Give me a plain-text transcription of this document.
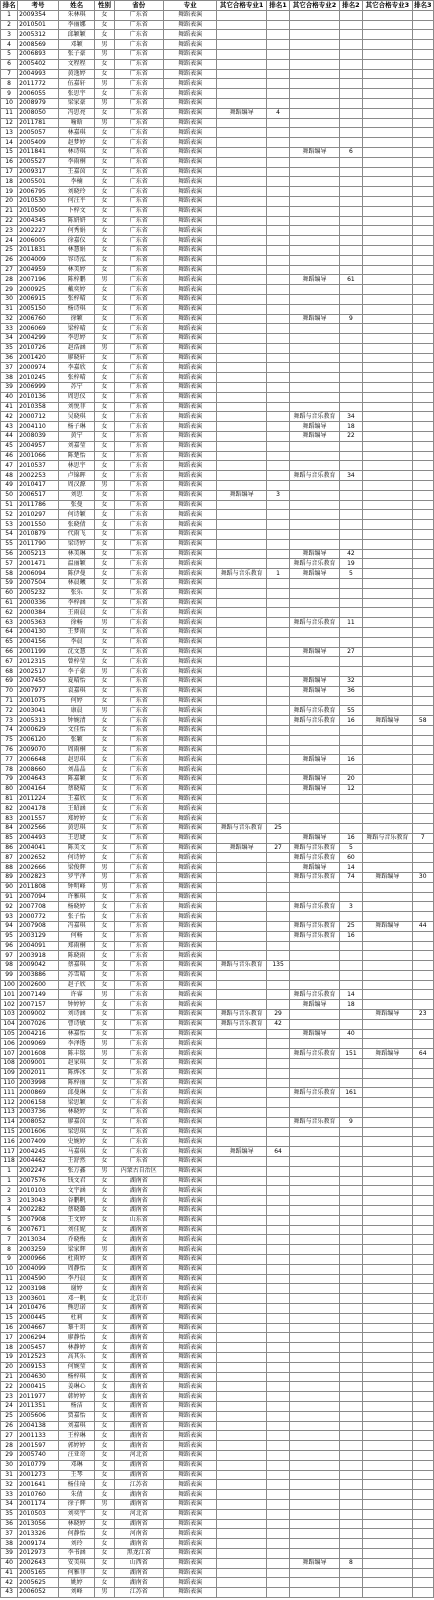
排名	考号	姓名	性别	省份	专业	其它合格专业1	排名1	其它合格专业2	排名2	其它合格专业3	排名3
1	2009354	朱林琪	女	广东省	舞蹈表演						
2	2010501	李丽娜	女	广东省	舞蹈表演						
3	2005312	邱颖颖	女	广东省	舞蹈表演						
4	2008569	邓颖	男	广东省	舞蹈表演						
5	2006893	张子豪	男	广东省	舞蹈表演						
6	2005402	文程程	女	广东省	舞蹈表演						
7	2004993	黄逸婷	女	广东省	舞蹈表演						
8	2011772	伍嘉轩	男	广东省	舞蹈表演						
9	2006055	张思宇	女	广东省	舞蹈表演						
10	2008979	梁家豪	男	广东省	舞蹈表演						
11	2008050	冯思亮	女	广东省	舞蹈表演	舞蹈编导	4				
12	2011781	喻晗	男	广东省	舞蹈表演						
13	2005057	林嘉琪	女	广东省	舞蹈表演						
14	2005409	赵梦婷	女	广东省	舞蹈表演						
15	2011841	林诗琪	女	广东省	舞蹈表演			舞蹈编导	6		
16	2005527	李雨桐	女	广东省	舞蹈表演						
17	2009317	王嘉茵	女	广东省	舞蹈表演						
18	2005501	李楠	女	广东省	舞蹈表演						
19	2006795	刘晓玲	女	广东省	舞蹈表演						
20	2010530	何汪平	女	广东省	舞蹈表演						
21	2010500	卜梓文	女	广东省	舞蹈表演						
22	2004345	陈妍妍	女	广东省	舞蹈表演						
23	2002227	何秀娟	女	广东省	舞蹈表演						
24	2006005	徐嘉仪	女	广东省	舞蹈表演						
25	2011831	林慧娟	女	广东省	舞蹈表演						
26	2004009	容诗泓	女	广东省	舞蹈表演						
27	2004959	林美婷	女	广东省	舞蹈表演						
28	2007196	陈梓鹏	男	广东省	舞蹈表演			舞蹈编导	61		
29	2000925	戴奕婷	女	广东省	舞蹈表演						
30	2006915	张梓晴	女	广东省	舞蹈表演						
31	2005150	杨诗琪	女	广东省	舞蹈表演						
32	2006760	徐颖	女	广东省	舞蹈表演			舞蹈编导	9		
33	2006069	梁梓晴	女	广东省	舞蹈表演						
34	2004299	李思婷	女	广东省	舞蹈表演						
35	2010726	赵浩涵	男	广东省	舞蹈表演						
36	2001420	廖晓轩	女	广东省	舞蹈表演						
37	2000974	李嘉欣	女	广东省	舞蹈表演						
38	2010245	张梓晴	女	广东省	舞蹈表演						
39	2006999	苏宁	女	广东省	舞蹈表演						
40	2010136	周思仪	女	广东省	舞蹈表演						
41	2010358	刘悦菲	女	广东省	舞蹈表演						
42	2000712	吴晓琪	女	广东省	舞蹈表演			舞蹈与音乐教育	34		
43	2004110	杨子琳	女	广东省	舞蹈表演			舞蹈编导	18		
44	2008039	黄宁	女	广东省	舞蹈表演			舞蹈编导	22		
45	2004957	刘嘉莹	女	广东省	舞蹈表演						
46	2001066	陈楚怡	女	广东省	舞蹈表演						
47	2010537	林思宇	女	广东省	舞蹈表演						
48	2002253	卢锦晖	女	广东省	舞蹈表演			舞蹈与音乐教育	34		
49	2010417	周汉源	男	广东省	舞蹈表演						
50	2006517	刘思	女	广东省	舞蹈表演	舞蹈编导	3				
51	2011786	张曼	女	广东省	舞蹈表演						
52	2010297	何诗颖	女	广东省	舞蹈表演						
53	2001550	张晓倩	女	广东省	舞蹈表演						
54	2010879	代雨飞	女	广东省	舞蹈表演						
55	2011790	梁诗婷	女	广东省	舞蹈表演						
56	2005213	林美琳	女	广东省	舞蹈表演			舞蹈编导	42		
57	2001471	温丽颖	女	广东省	舞蹈表演			舞蹈与音乐教育	19		
58	2006094	陈伊曼	女	广东省	舞蹈表演	舞蹈与音乐教育	1	舞蹈编导	5		
59	2007504	林晨曦	女	广东省	舞蹈表演						
60	2005232	张乐	女	广东省	舞蹈表演						
61	2000336	李梓涵	女	广东省	舞蹈表演						
62	2000384	王雨晨	女	广东省	舞蹈表演						
63	2005363	徐畅	男	广东省	舞蹈表演			舞蹈与音乐教育	11		
64	2004130	王梦雨	女	广东省	舞蹈表演						
65	2004156	李晨	女	广东省	舞蹈表演						
66	2001199	沈文慧	女	广东省	舞蹈表演			舞蹈编导	27		
67	2012315	曾梓莹	女	广东省	舞蹈表演						
68	2002517	李子豪	男	广东省	舞蹈表演						
69	2007450	夏晴怡	女	广东省	舞蹈表演			舞蹈编导	32		
70	2007977	袁嘉琪	女	广东省	舞蹈表演			舞蹈编导	36		
71	2001075	何婷	女	广东省	舞蹈表演						
72	2003041	康晨	男	广东省	舞蹈表演			舞蹈与音乐教育	55		
73	2005313	钟婉清	女	广东省	舞蹈表演			舞蹈与音乐教育	16	舞蹈编导	58
74	2000629	文佳怡	女	广东省	舞蹈表演						
75	2006120	张颖	女	广东省	舞蹈表演						
76	2009070	周雨桐	女	广东省	舞蹈表演						
77	2006648	赵思琪	女	广东省	舞蹈表演			舞蹈编导	16		
78	2008660	刘晶晶	女	广东省	舞蹈表演						
79	2004643	陈嘉颖	女	广东省	舞蹈表演			舞蹈编导	20		
80	2004164	蔡晓晴	女	广东省	舞蹈表演			舞蹈编导	12		
81	2011224	王嘉欣	女	广东省	舞蹈表演						
82	2004178	王昭涵	女	广东省	舞蹈表演						
83	2001557	郑婷婷	女	广东省	舞蹈表演						
84	2002566	黄思琪	女	广东省	舞蹈表演	舞蹈与音乐教育	25				
85	2004493	王思婕	女	广东省	舞蹈表演			舞蹈编导	16	舞蹈与音乐教育	7
86	2004041	陈美文	女	广东省	舞蹈表演	舞蹈编导	27	舞蹈与音乐教育	5		
87	2002652	何诗婷	女	广东省	舞蹈表演			舞蹈与音乐教育	60		
88	2002666	梁俊辉	男	广东省	舞蹈表演			舞蹈编导	14		
89	2002823	罗宇泽	男	广东省	舞蹈表演			舞蹈与音乐教育	74	舞蹈编导	30
90	2011808	钟明峰	男	广东省	舞蹈表演						
91	2007094	许雅琪	女	广东省	舞蹈表演						
92	2007708	杨晓婷	女	广东省	舞蹈表演			舞蹈与音乐教育	3		
93	2000772	张子怡	女	广东省	舞蹈表演						
94	2007908	冯嘉琪	女	广东省	舞蹈表演			舞蹈与音乐教育	25	舞蹈编导	44
95	2003129	何畅	女	广东省	舞蹈表演			舞蹈与音乐教育	16		
96	2004091	郑雨桐	女	广东省	舞蹈表演						
97	2003918	陈晓雨	女	广东省	舞蹈表演						
98	2009042	蔡嘉琪	女	广东省	舞蹈表演	舞蹈与音乐教育	135				
99	2003886	苏雪晴	女	广东省	舞蹈表演						
100	2002600	赵子欣	女	广东省	舞蹈表演						
101	2007149	许睿	男	广东省	舞蹈表演			舞蹈与音乐教育	14		
102	2007157	钟婷婷	女	广东省	舞蹈表演			舞蹈编导	18		
103	2009002	刘诗涵	女	广东省	舞蹈表演	舞蹈与音乐教育	29			舞蹈编导	23
104	2007026	曹诗敏	女	广东省	舞蹈表演	舞蹈与音乐教育	42				
105	2004216	林嘉怡	女	广东省	舞蹈表演			舞蹈编导	40		
106	2009069	李泽锴	男	广东省	舞蹈表演						
107	2001608	陈丰铭	男	广东省	舞蹈表演			舞蹈与音乐教育	151	舞蹈编导	64
108	2009001	赵家琪	女	广东省	舞蹈表演						
109	2002011	陈烨冰	女	广东省	舞蹈表演						
110	2003998	陈梓丽	女	广东省	舞蹈表演						
111	2000869	邱曼琳	女	广东省	舞蹈表演			舞蹈与音乐教育	161		
112	2006158	梁思颖	女	广东省	舞蹈表演						
113	2003736	林晓婷	女	广东省	舞蹈表演						
114	2008052	廖嘉茵	女	广东省	舞蹈表演			舞蹈与音乐教育	9		
115	2001606	梁思琪	女	广东省	舞蹈表演						
116	2007409	史婉婷	女	广东省	舞蹈表演						
117	2004245	马嘉琪	女	广东省	舞蹈表演	舞蹈编导	64				
118	2004462	王舒然	女	广东省	舞蹈表演						
1	2002247	张万鑫	男	内蒙古自治区	舞蹈表演						
1	2007576	钱文君	女	湖南省	舞蹈表演						
2	2010103	文宇涵	女	湖南省	舞蹈表演						
3	2013043	谷鹏帆	女	湖南省	舞蹈表演						
4	2002282	蔡晓璐	女	湖南省	舞蹈表演						
5	2007908	王文婷	女	山东省	舞蹈表演						
6	2007671	刘佳妮	女	湖南省	舞蹈表演						
7	2013034	乔晓梅	女	湖南省	舞蹈表演						
8	2003259	梁家辉	男	湖南省	舞蹈表演						
9	2000966	杜雨婷	女	湖南省	舞蹈表演						
10	2004099	周静怡	女	湖南省	舞蹈表演						
11	2004590	李丹晨	女	湖南省	舞蹈表演						
12	2003198	谢婷	女	湖南省	舞蹈表演						
13	2003601	邓一帆	女	北京市	舞蹈表演						
14	2010476	熊思诺	女	湖南省	舞蹈表演						
15	2000445	杜莉	女	湖南省	舞蹈表演						
16	2004667	黎千玥	女	湖南省	舞蹈表演						
17	2006294	廖静怡	女	湖南省	舞蹈表演						
18	2005457	林静婷	女	湖南省	舞蹈表演						
19	2012523	高其乐	女	湖南省	舞蹈表演						
20	2009153	何婉莹	女	湖南省	舞蹈表演						
21	2004630	杨梓琪	女	湖南省	舞蹈表演						
22	2000415	姜琳心	女	湖南省	舞蹈表演						
23	2011977	韩婷婷	女	湖南省	舞蹈表演						
24	2011351	杨洁	女	湖南省	舞蹈表演						
25	2005606	贾嘉怡	女	湖南省	舞蹈表演						
26	2004138	刘嘉琪	女	湖南省	舞蹈表演						
27	2001133	王梓琳	女	湖南省	舞蹈表演						
28	2001597	郭婷婷	女	湖南省	舞蹈表演						
29	2005740	汪亚奇	女	河北省	舞蹈表演						
30	2010779	邓琳	女	湖南省	舞蹈表演						
31	2001273	王琴	女	湖南省	舞蹈表演						
32	2001641	杨佳琦	女	江苏省	舞蹈表演						
33	2010760	朱倩	女	湖南省	舞蹈表演						
34	2001174	徐子辉	男	湖南省	舞蹈表演						
35	2010503	刘奕宇	女	河北省	舞蹈表演						
36	2013056	林晓婷	女	湖南省	舞蹈表演						
37	2013326	何静怡	女	河南省	舞蹈表演						
38	2009174	刘玲	女	湖南省	舞蹈表演						
39	2012973	李书涵	女	黑龙江省	舞蹈表演						
40	2002643	安美琪	女	山西省	舞蹈表演			舞蹈编导	8		
41	2005165	何雅菲	女	湖南省	舞蹈表演						
42	2005625	姚婷	女	湖南省	舞蹈表演						
43	2006052	刘峰	男	江苏省	舞蹈表演						
